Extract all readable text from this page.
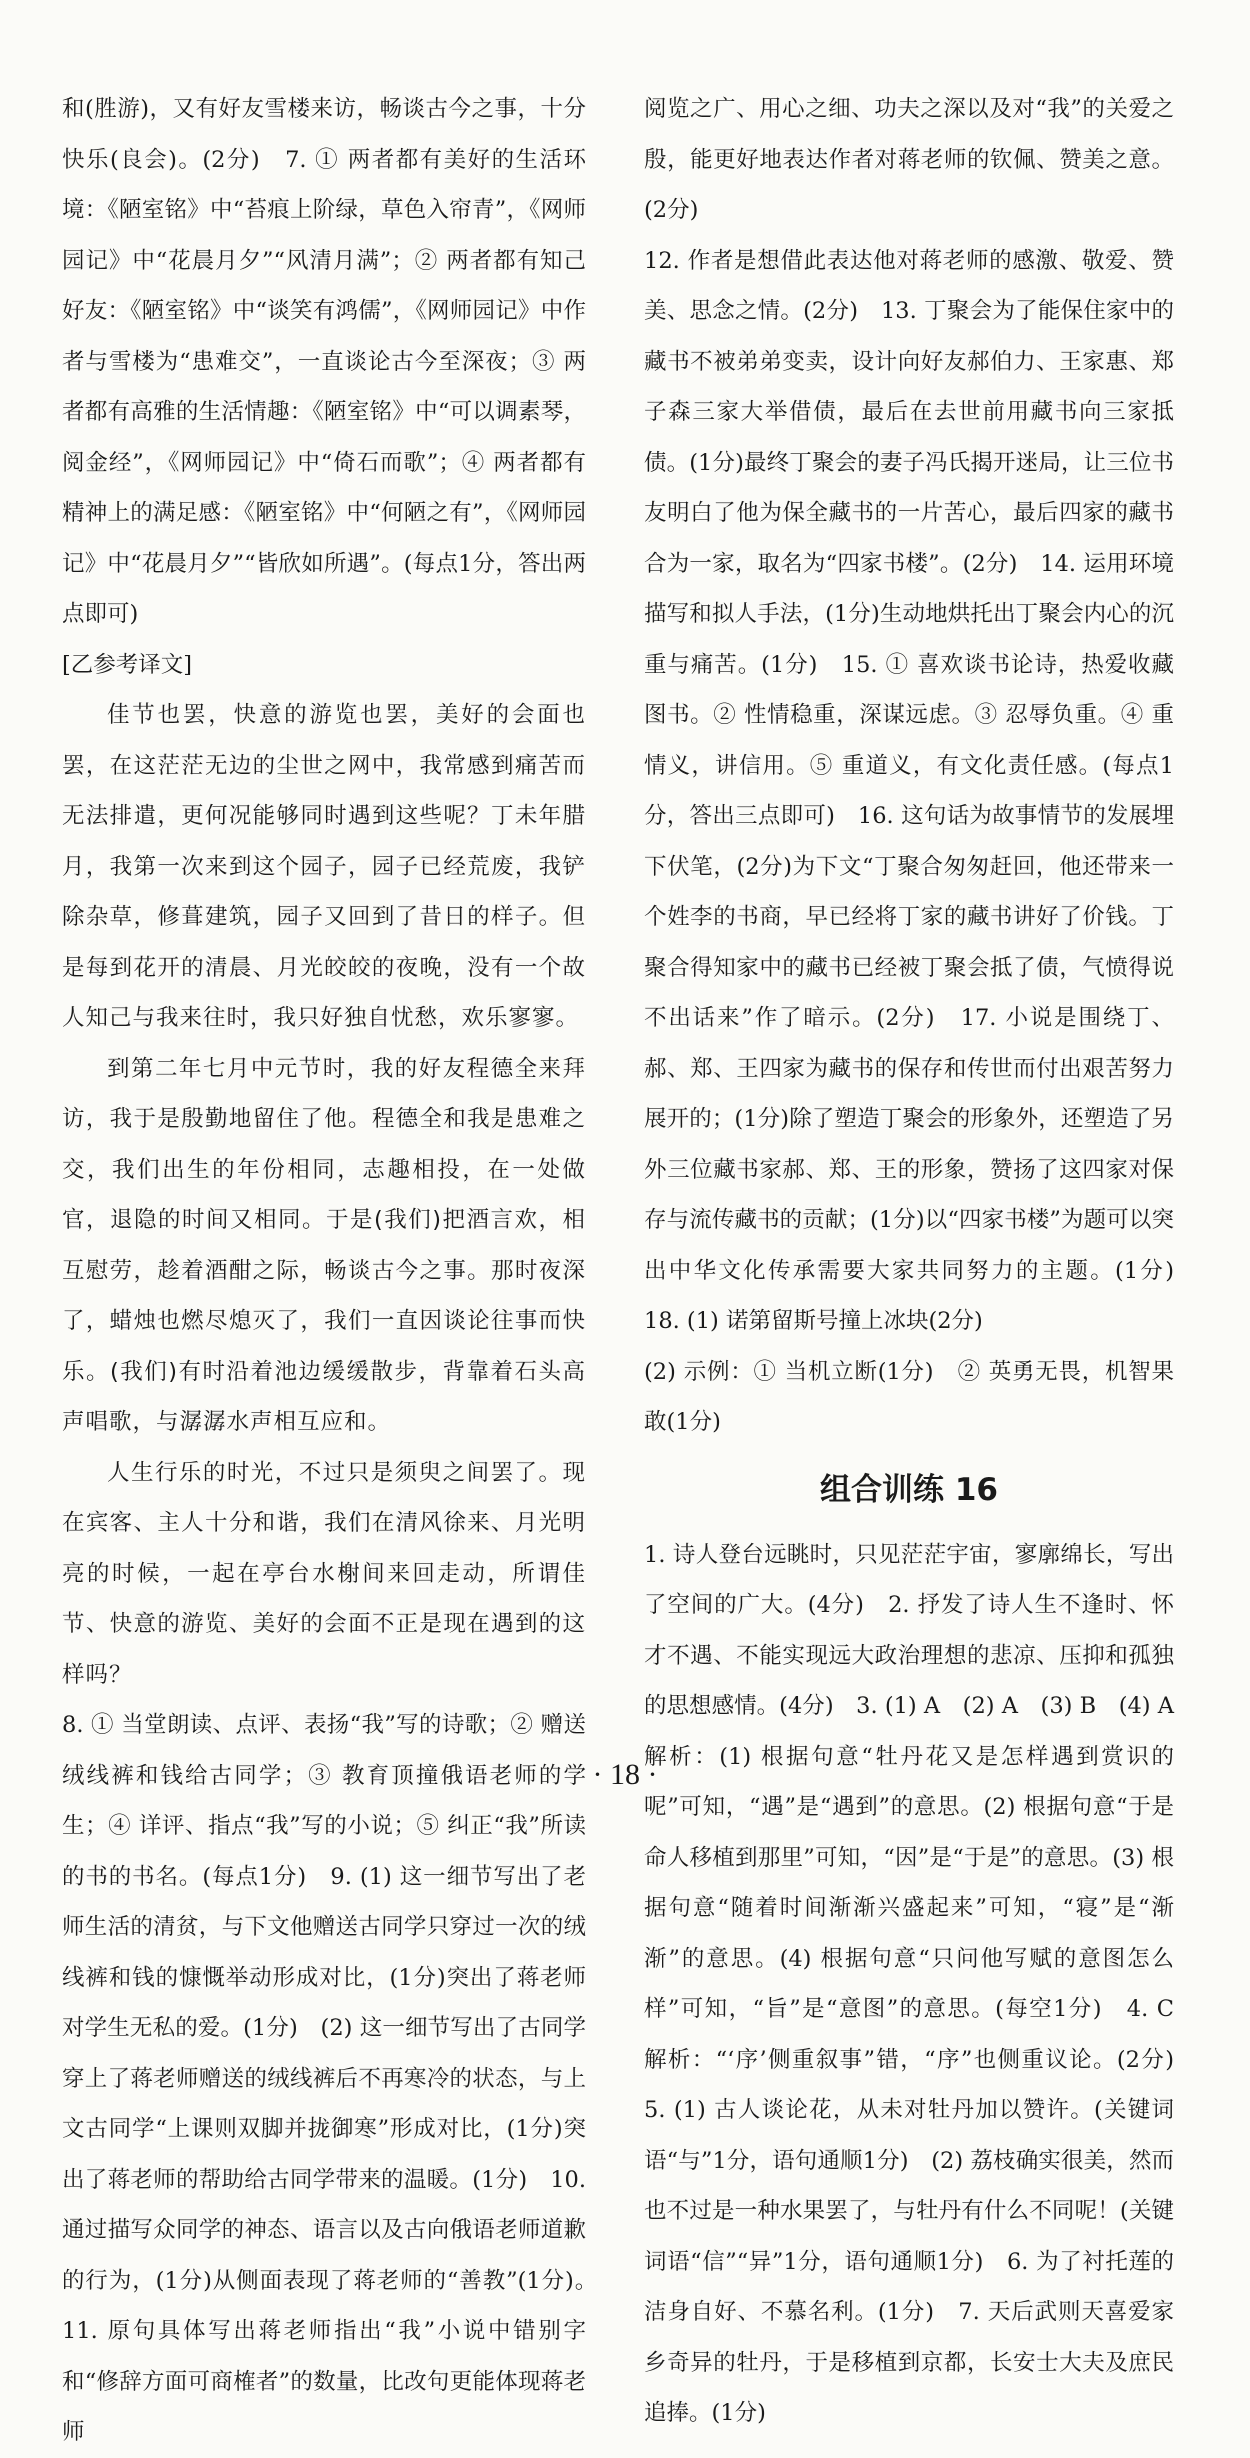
和(胜游)，又有好友雪楼来访，畅谈古今之事，十分快乐(良会)。(2分)　7. ① 两者都有美好的生活环境：《陋室铭》中“苔痕上阶绿，草色入帘青”，《网师园记》中“花晨月夕”“风清月满”；② 两者都有知己好友：《陋室铭》中“谈笑有鸿儒”，《网师园记》中作者与雪楼为“患难交”，一直谈论古今至深夜；③ 两者都有高雅的生活情趣：《陋室铭》中“可以调素琴，阅金经”，《网师园记》中“倚石而歌”；④ 两者都有精神上的满足感：《陋室铭》中“何陋之有”，《网师园记》中“花晨月夕”“皆欣如所遇”。(每点1分，答出两点即可)

[乙参考译文]

佳节也罢，快意的游览也罢，美好的会面也罢，在这茫茫无边的尘世之网中，我常感到痛苦而无法排遣，更何况能够同时遇到这些呢？丁未年腊月，我第一次来到这个园子，园子已经荒废，我铲除杂草，修葺建筑，园子又回到了昔日的样子。但是每到花开的清晨、月光皎皎的夜晚，没有一个故人知己与我来往时，我只好独自忧愁，欢乐寥寥。

到第二年七月中元节时，我的好友程德全来拜访，我于是殷勤地留住了他。程德全和我是患难之交，我们出生的年份相同，志趣相投，在一处做官，退隐的时间又相同。于是(我们)把酒言欢，相互慰劳，趁着酒酣之际，畅谈古今之事。那时夜深了，蜡烛也燃尽熄灭了，我们一直因谈论往事而快乐。(我们)有时沿着池边缓缓散步，背靠着石头高声唱歌，与潺潺水声相互应和。

人生行乐的时光，不过只是须臾之间罢了。现在宾客、主人十分和谐，我们在清风徐来、月光明亮的时候，一起在亭台水榭间来回走动，所谓佳节、快意的游览、美好的会面不正是现在遇到的这样吗？

8. ① 当堂朗读、点评、表扬“我”写的诗歌；② 赠送绒线裤和钱给古同学；③ 教育顶撞俄语老师的学生；④ 详评、指点“我”写的小说；⑤ 纠正“我”所读的书的书名。(每点1分)　9. (1) 这一细节写出了老师生活的清贫，与下文他赠送古同学只穿过一次的绒线裤和钱的慷慨举动形成对比，(1分)突出了蒋老师对学生无私的爱。(1分)　(2) 这一细节写出了古同学穿上了蒋老师赠送的绒线裤后不再寒冷的状态，与上文古同学“上课则双脚并拢御寒”形成对比，(1分)突出了蒋老师的帮助给古同学带来的温暖。(1分)　10. 通过描写众同学的神态、语言以及古向俄语老师道歉的行为，(1分)从侧面表现了蒋老师的“善教”(1分)。　11. 原句具体写出蒋老师指出“我”小说中错别字和“修辞方面可商榷者”的数量，比改句更能体现蒋老师

阅览之广、用心之细、功夫之深以及对“我”的关爱之殷，能更好地表达作者对蒋老师的钦佩、赞美之意。(2分)

12. 作者是想借此表达他对蒋老师的感激、敬爱、赞美、思念之情。(2分)　13. 丁聚会为了能保住家中的藏书不被弟弟变卖，设计向好友郝伯力、王家惠、郑子森三家大举借债，最后在去世前用藏书向三家抵债。(1分)最终丁聚会的妻子冯氏揭开迷局，让三位书友明白了他为保全藏书的一片苦心，最后四家的藏书合为一家，取名为“四家书楼”。(2分)　14. 运用环境描写和拟人手法，(1分)生动地烘托出丁聚会内心的沉重与痛苦。(1分)　15. ① 喜欢谈书论诗，热爱收藏图书。② 性情稳重，深谋远虑。③ 忍辱负重。④ 重情义，讲信用。⑤ 重道义，有文化责任感。(每点1分，答出三点即可)　16. 这句话为故事情节的发展埋下伏笔，(2分)为下文“丁聚合匆匆赶回，他还带来一个姓李的书商，早已经将丁家的藏书讲好了价钱。丁聚合得知家中的藏书已经被丁聚会抵了债，气愤得说不出话来”作了暗示。(2分)　17. 小说是围绕丁、郝、郑、王四家为藏书的保存和传世而付出艰苦努力展开的；(1分)除了塑造丁聚会的形象外，还塑造了另外三位藏书家郝、郑、王的形象，赞扬了这四家对保存与流传藏书的贡献；(1分)以“四家书楼”为题可以突出中华文化传承需要大家共同努力的主题。(1分)　18. (1) 诺第留斯号撞上冰块(2分)

(2) 示例：① 当机立断(1分)　② 英勇无畏，机智果敢(1分)

组合训练 16

1. 诗人登台远眺时，只见茫茫宇宙，寥廓绵长，写出了空间的广大。(4分)　2. 抒发了诗人生不逢时、怀才不遇、不能实现远大政治理想的悲凉、压抑和孤独的思想感情。(4分)　3. (1) A　(2) A　(3) B　(4) A　解析：(1) 根据句意“牡丹花又是怎样遇到赏识的呢”可知，“遇”是“遇到”的意思。(2) 根据句意“于是命人移植到那里”可知，“因”是“于是”的意思。(3) 根据句意“随着时间渐渐兴盛起来”可知，“寝”是“渐渐”的意思。(4) 根据句意“只问他写赋的意图怎么样”可知，“旨”是“意图”的意思。(每空1分)　4. C　解析：“‘序’侧重叙事”错，“序”也侧重议论。(2分)　5. (1) 古人谈论花，从未对牡丹加以赞许。(关键词语“与”1分，语句通顺1分)　(2) 荔枝确实很美，然而也不过是一种水果罢了，与牡丹有什么不同呢！(关键词语“信”“异”1分，语句通顺1分)　6. 为了衬托莲的洁身自好、不慕名利。(1分)　7. 天后武则天喜爱家乡奇异的牡丹，于是移植到京都，长安士大夫及庶民追捧。(1分)

· 18 ·
